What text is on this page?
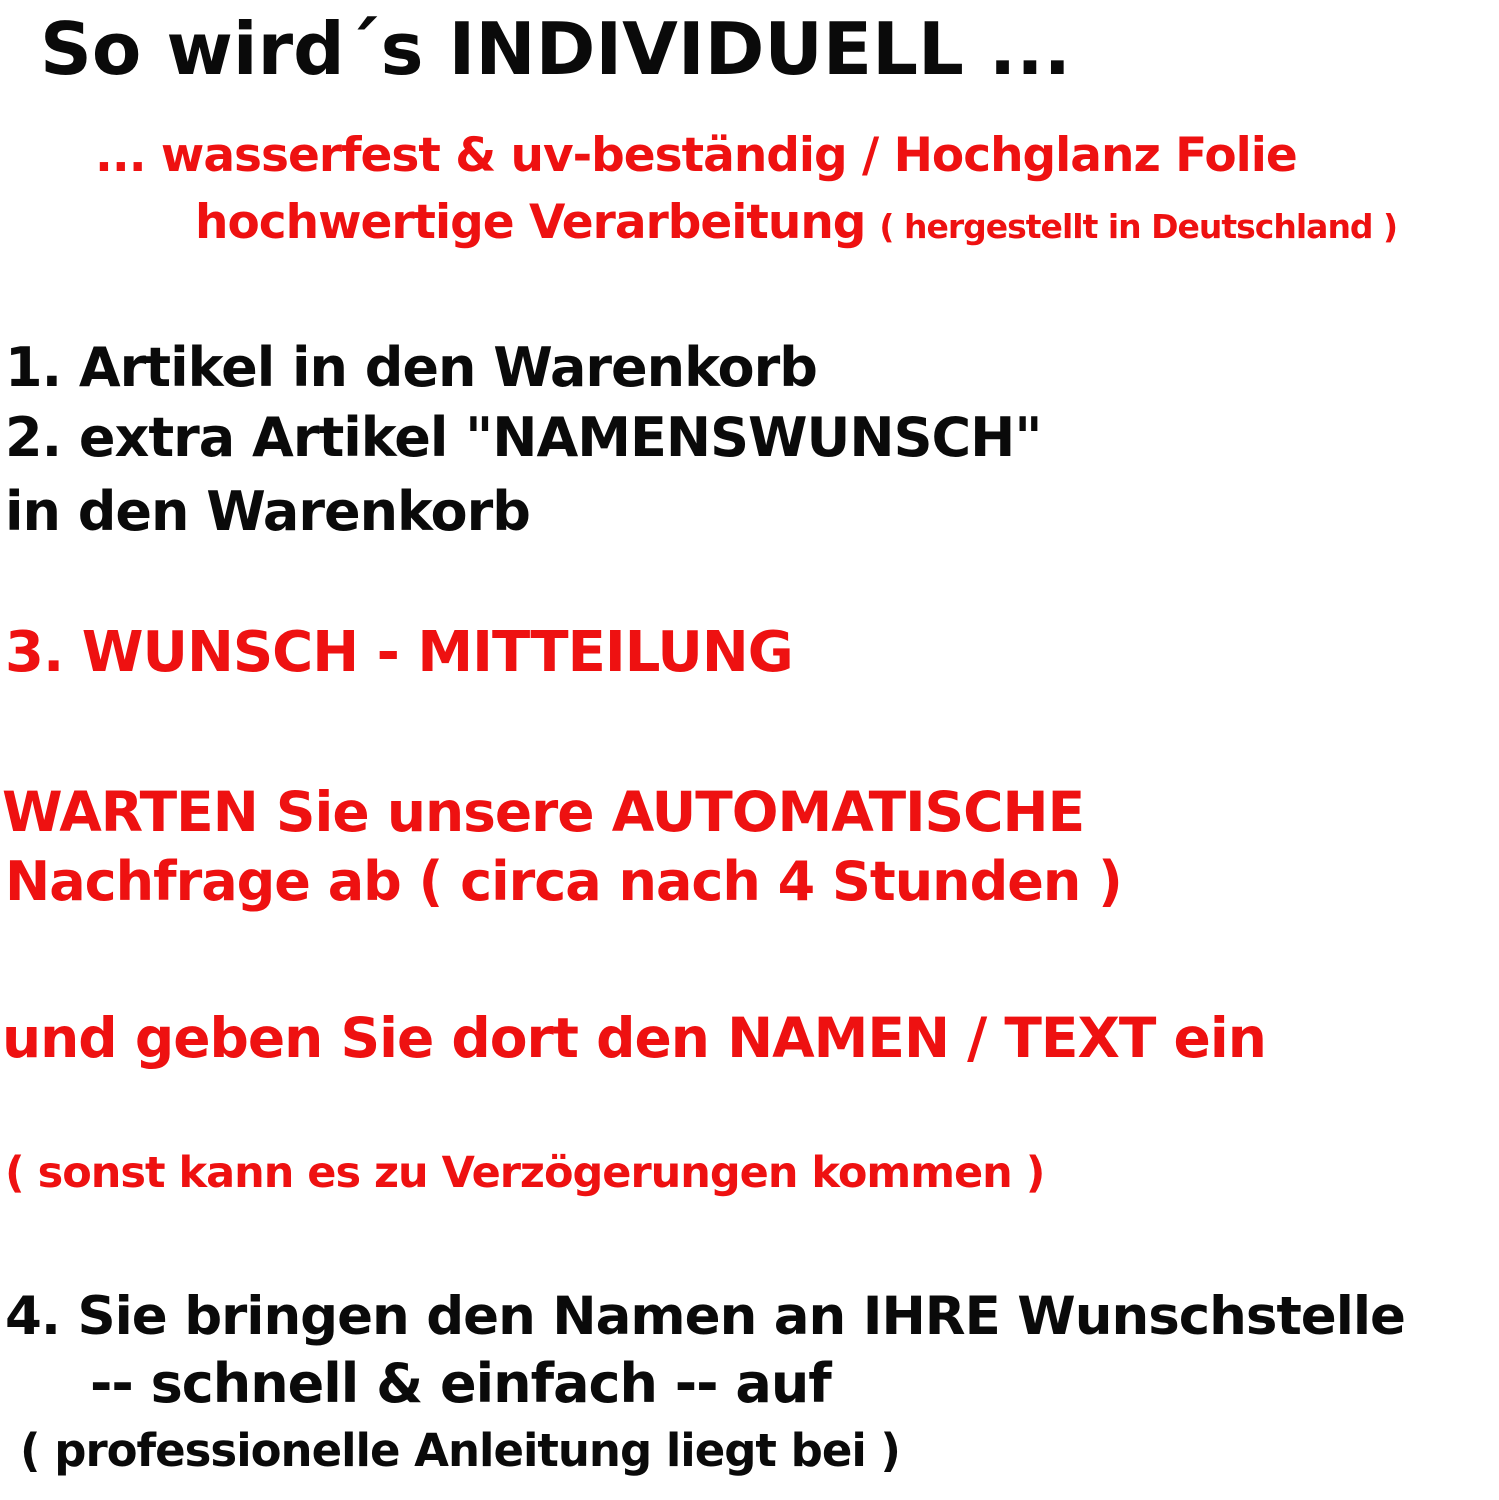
So wird´s INDIVIDUELL ...
... wasserfest & uv-beständig / Hochglanz Folie
hochwertige Verarbeitung ( hergestellt in Deutschland )
1. Artikel in den Warenkorb
2. extra Artikel "NAMENSWUNSCH"
in den Warenkorb
3. WUNSCH - MITTEILUNG
WARTEN Sie unsere AUTOMATISCHE
Nachfrage ab ( circa nach 4 Stunden )
und geben Sie dort den NAMEN / TEXT ein
( sonst kann es zu Verzögerungen kommen )
4. Sie bringen den Namen an IHRE Wunschstelle
-- schnell & einfach -- auf
( professionelle Anleitung liegt bei )
